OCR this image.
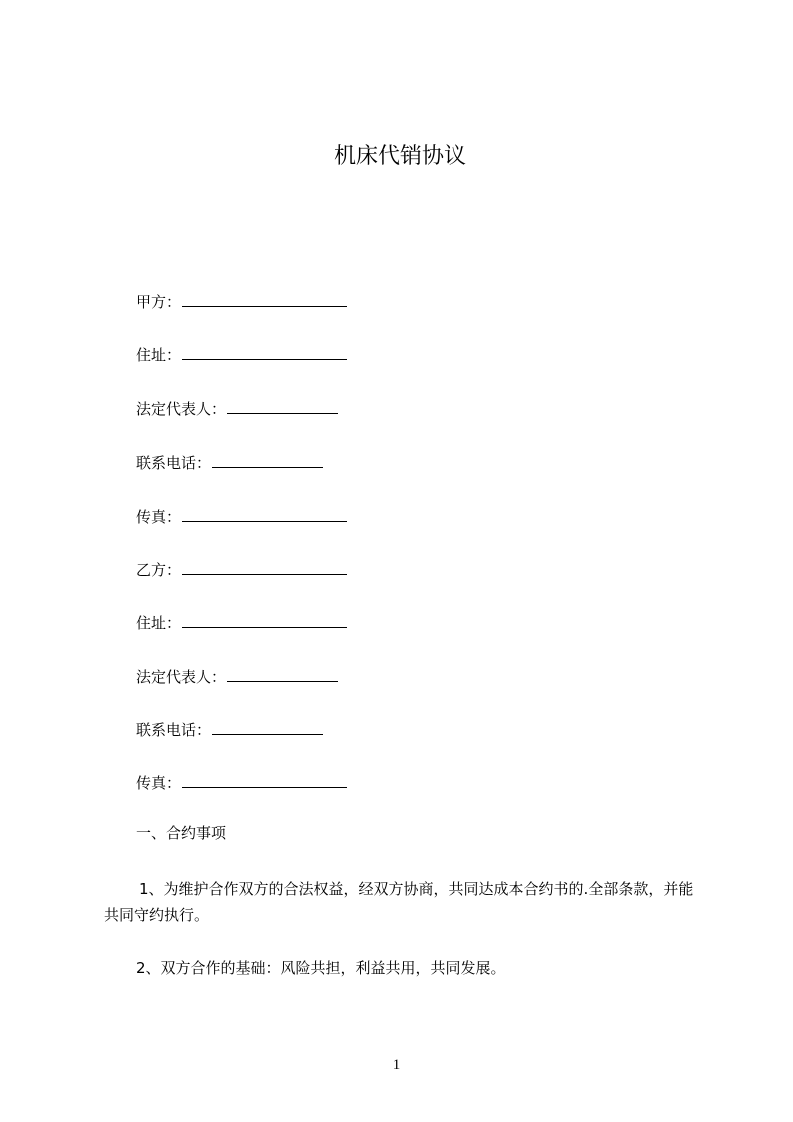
机床代销协议
甲方：
住址：
法定代表人：
联系电话：
传真：
乙方：
住址：
法定代表人：
联系电话：
传真：
一、合约事项
1、为维护合作双方的合法权益，经双方协商，共同达成本合约书的.全部条款，并能共同守约执行。
2、双方合作的基础：风险共担，利益共用，共同发展。
1
